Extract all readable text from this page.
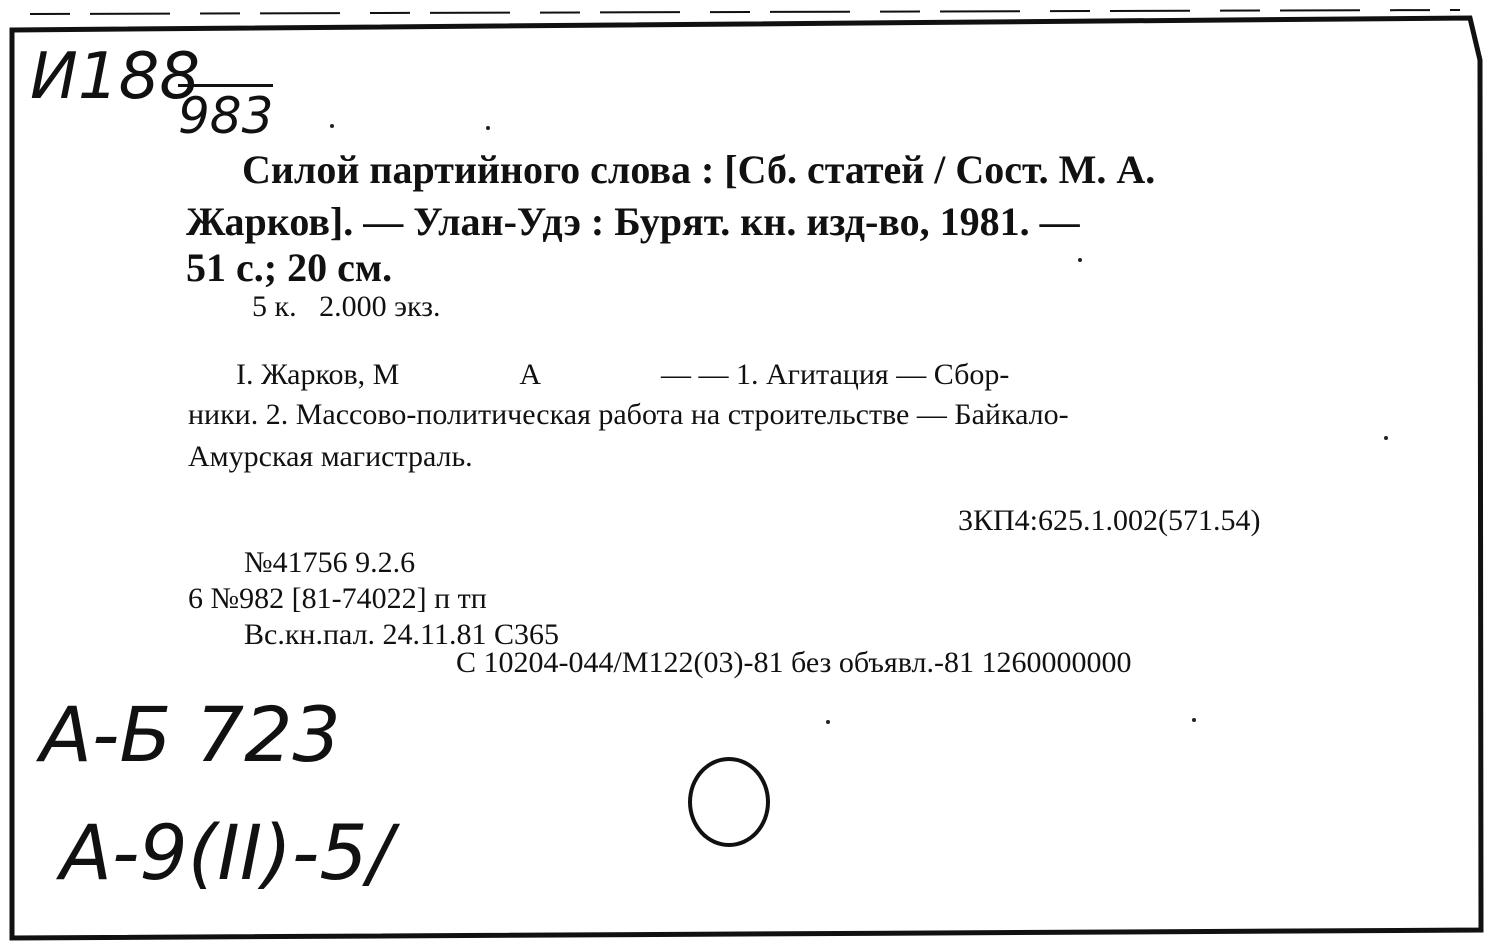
И188
983
Силой партийного слова : [Сб. статей / Сост. М. А.
Жарков]. — Улан-Удэ : Бурят. кн. изд-во, 1981. —
51 с.; 20 см.
5 к.   2.000 экз.
I. Жарков, М                А                — — 1. Агитация — Сбор-
ники. 2. Массово-политическая работа на строительстве — Байкало-
Амурская магистраль.
3КП4:625.1.002(571.54)
№41756 9.2.6
6 №982 [81-74022] п тп
Вс.кн.пал. 24.11.81 С365
С 10204-044/М122(03)-81 без объявл.-81 1260000000
А-Б 723
А-9(II)-5/
